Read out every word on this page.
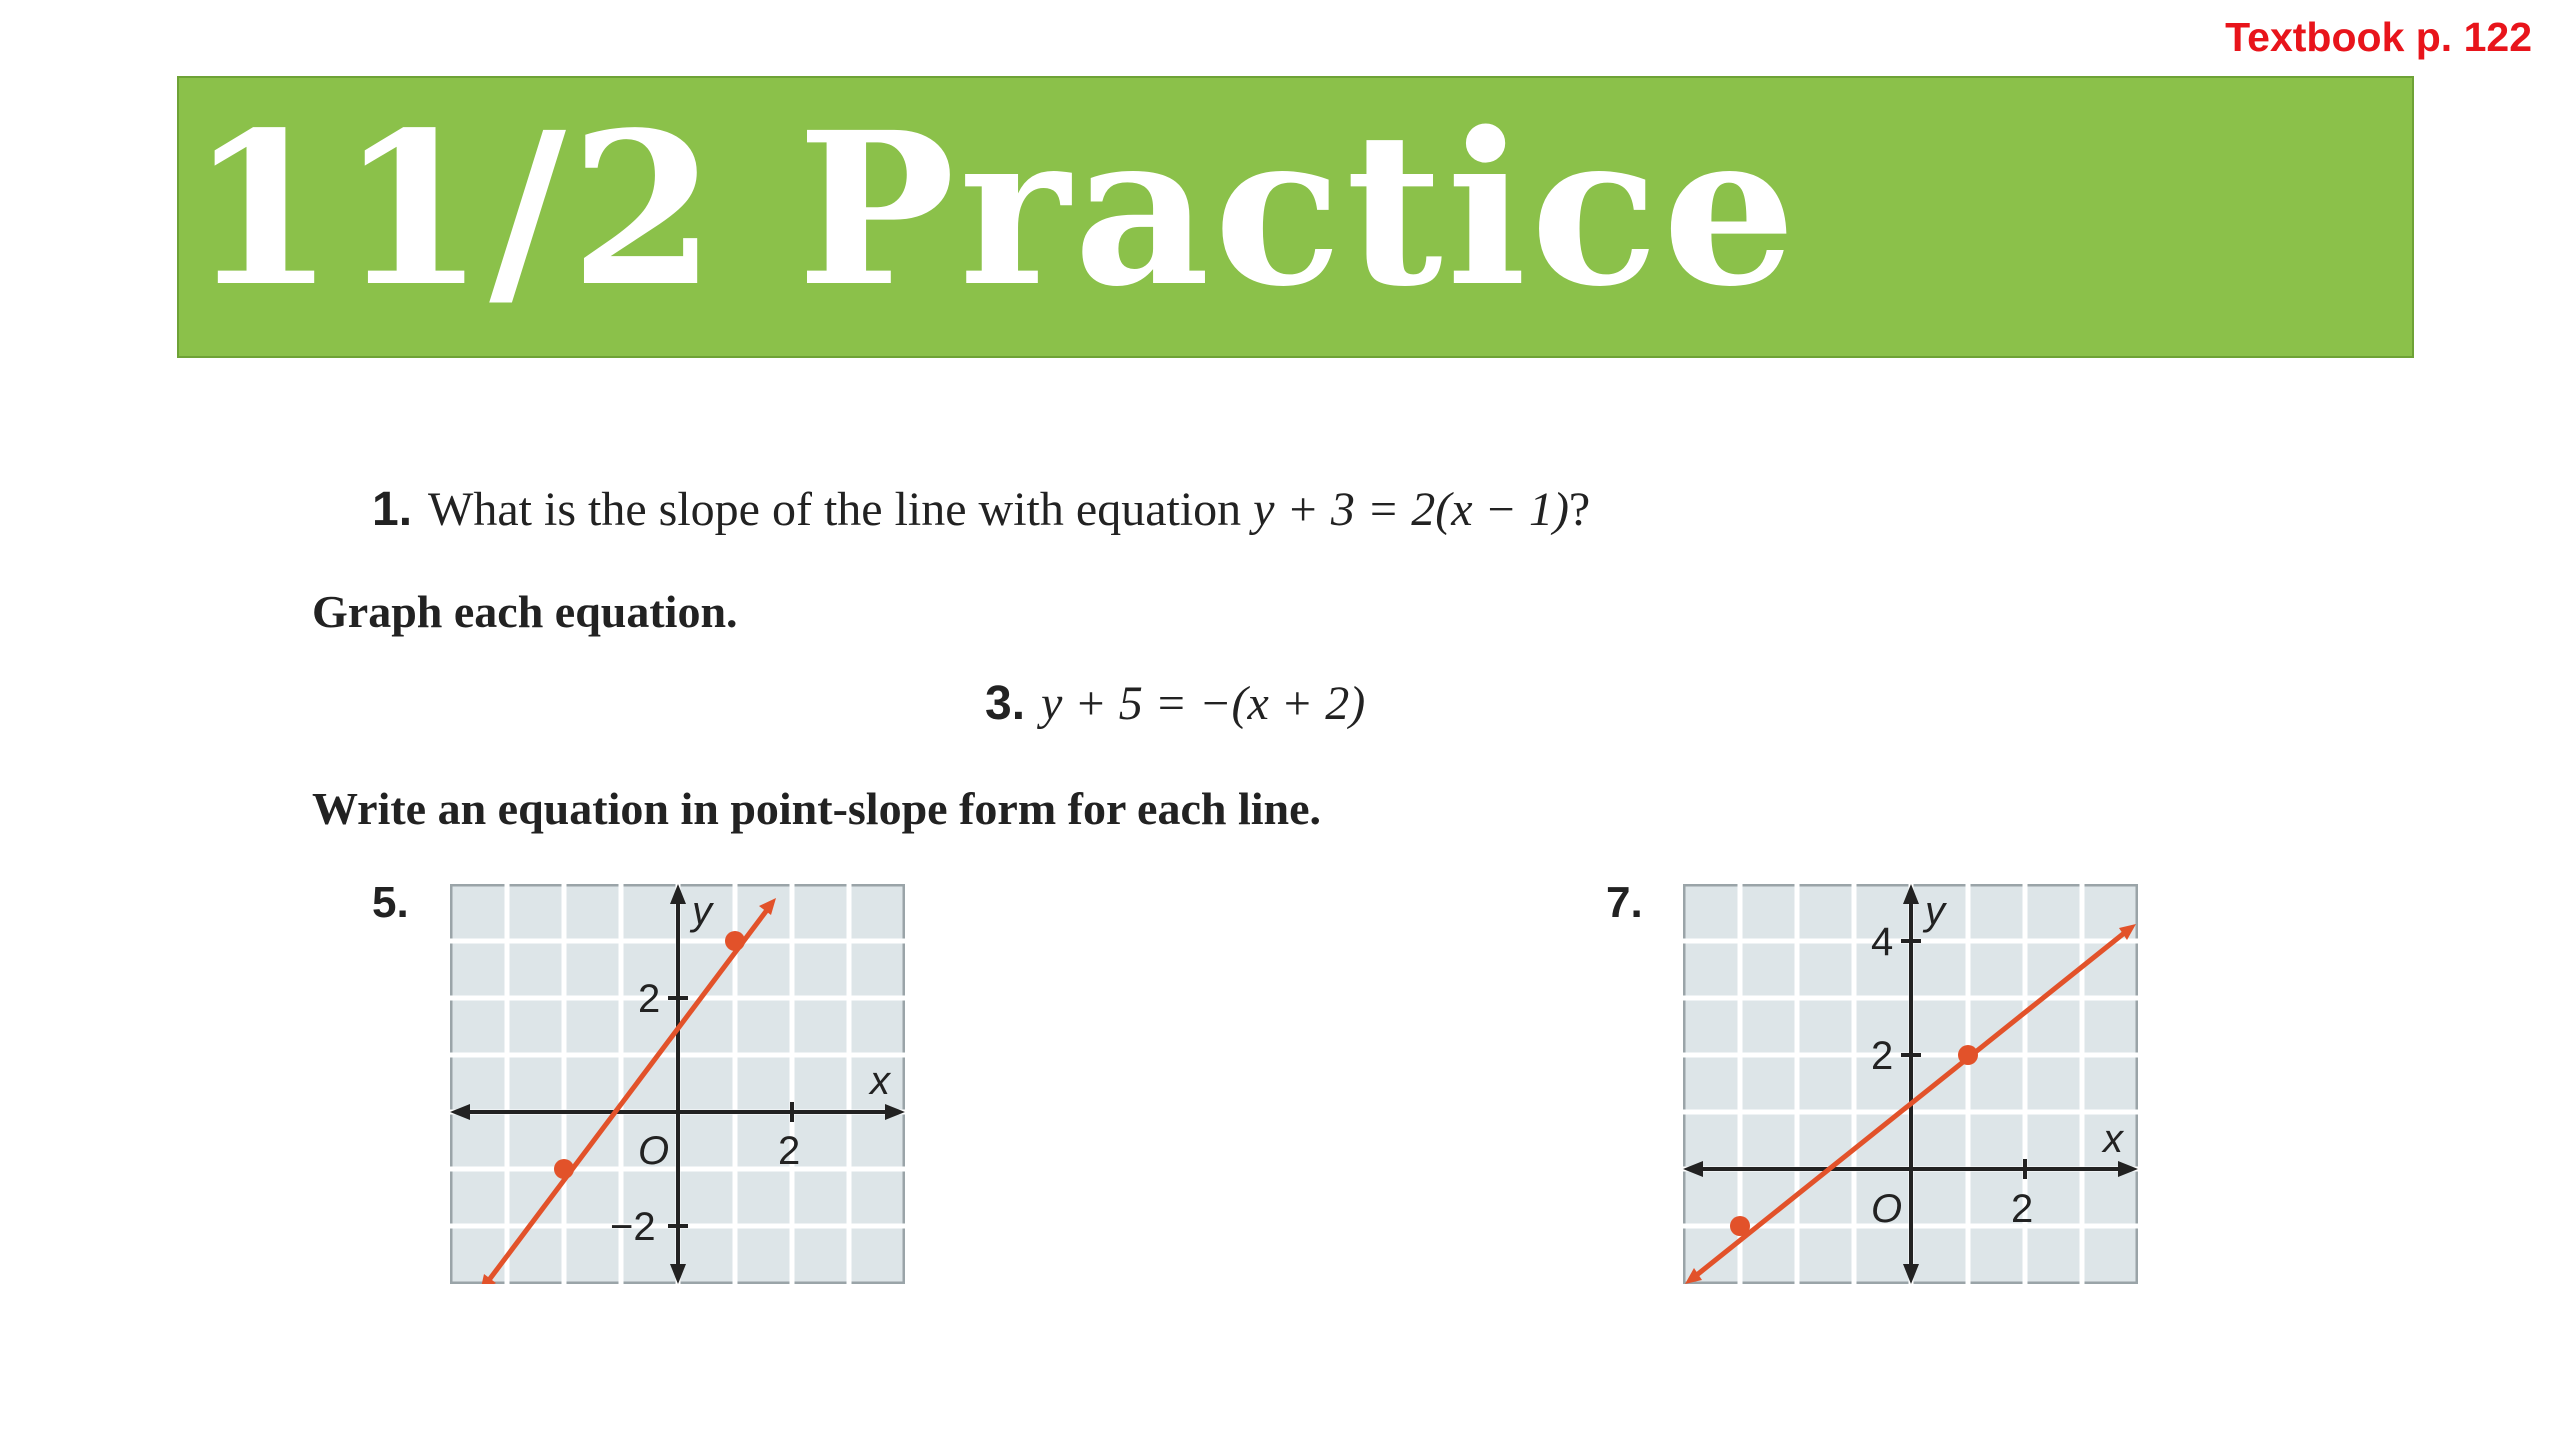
Textbook p. 122
11/2 Practice
1. What is the slope of the line with equation y + 3 = 2(x − 1)?
Graph each equation.
3. y + 5 = −(x + 2)
Write an equation in point-slope form for each line.
5.	y
x
O	2
2
−2
7.	y
x
O	2
4
2
